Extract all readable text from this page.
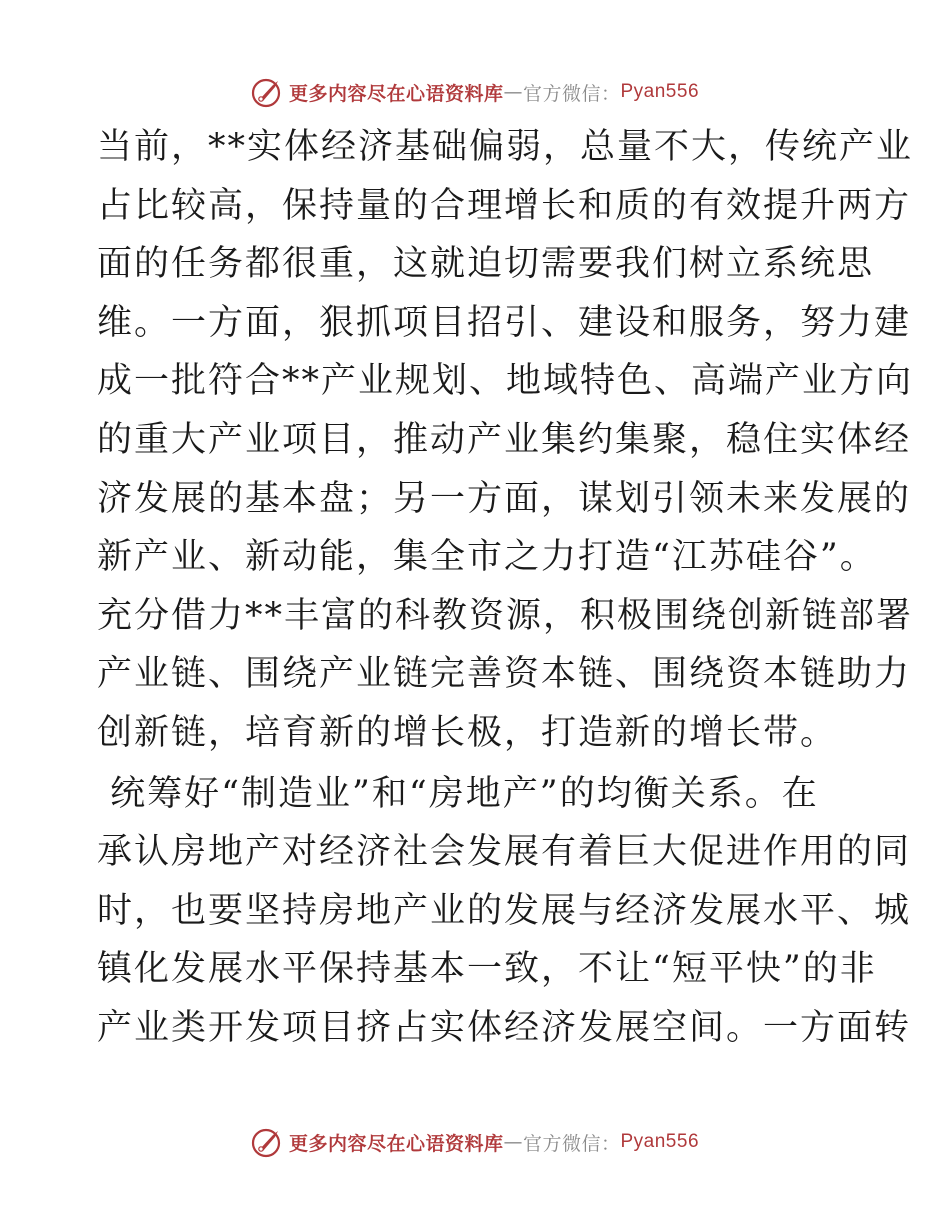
更多内容尽在心语资料库 — 官方微信： Pyan556

当前，**实体经济基础偏弱，总量不大，传统产业
占比较高，保持量的合理增长和质的有效提升两方
面的任务都很重，这就迫切需要我们树立系统思
维。一方面，狠抓项目招引、建设和服务，努力建
成一批符合**产业规划、地域特色、高端产业方向
的重大产业项目，推动产业集约集聚，稳住实体经
济发展的基本盘；另一方面，谋划引领未来发展的
新产业、新动能，集全市之力打造“江苏硅谷”。
充分借力**丰富的科教资源，积极围绕创新链部署
产业链、围绕产业链完善资本链、围绕资本链助力
创新链，培育新的增长极，打造新的增长带。

统筹好“制造业”和“房地产”的均衡关系。在
承认房地产对经济社会发展有着巨大促进作用的同
时，也要坚持房地产业的发展与经济发展水平、城
镇化发展水平保持基本一致，不让“短平快”的非
产业类开发项目挤占实体经济发展空间。一方面转

更多内容尽在心语资料库 — 官方微信： Pyan556
